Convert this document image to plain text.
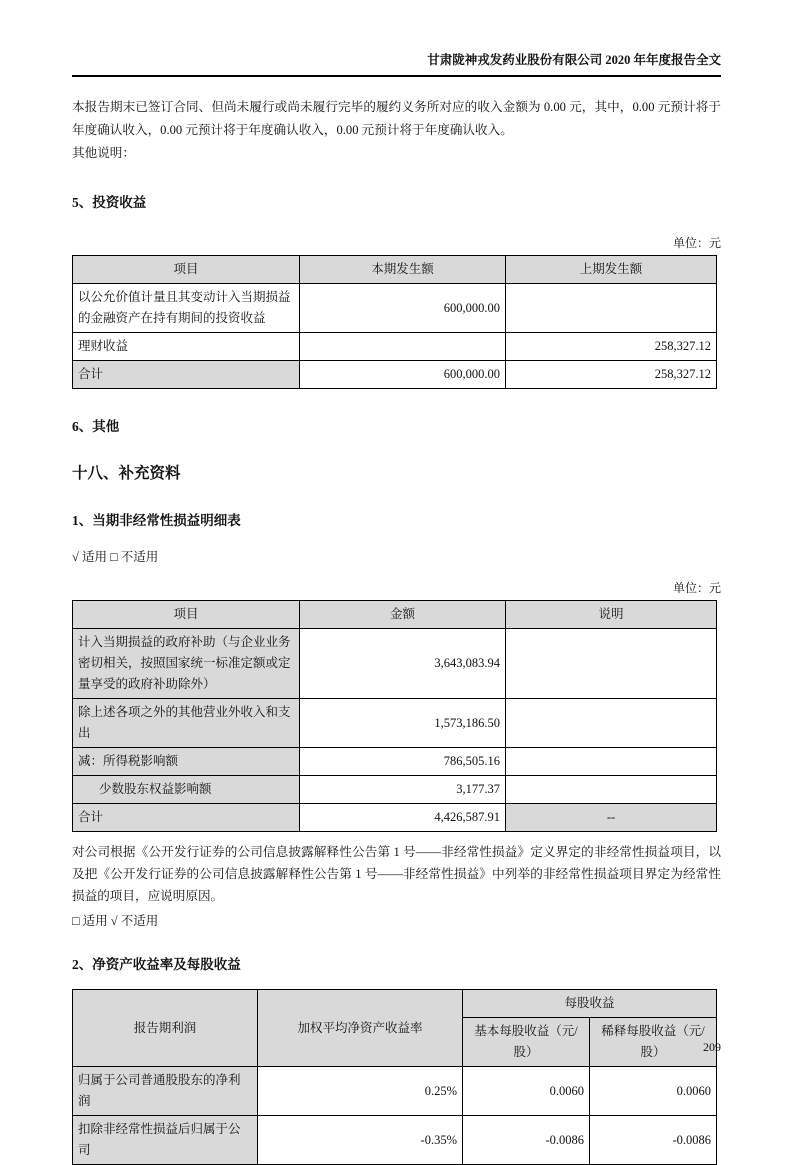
甘肃陇神戎发药业股份有限公司 2020 年年度报告全文
本报告期末已签订合同、但尚未履行或尚未履行完毕的履约义务所对应的收入金额为 0.00 元，其中，0.00 元预计将于年度确认收入，0.00 元预计将于年度确认收入，0.00 元预计将于年度确认收入。
其他说明：
5、投资收益
单位：元
项目	本期发生额	上期发生额
以公允价值计量且其变动计入当期损益的金融资产在持有期间的投资收益	600,000.00	
理财收益		258,327.12
合计	600,000.00	258,327.12
6、其他
十八、补充资料
1、当期非经常性损益明细表
√ 适用 □ 不适用
单位：元
项目	金额	说明
计入当期损益的政府补助（与企业业务密切相关，按照国家统一标准定额或定量享受的政府补助除外）	3,643,083.94	
除上述各项之外的其他营业外收入和支出	1,573,186.50	
减：所得税影响额	786,505.16	
少数股东权益影响额	3,177.37	
合计	4,426,587.91	--
对公司根据《公开发行证券的公司信息披露解释性公告第 1 号——非经常性损益》定义界定的非经常性损益项目，以及把《公开发行证券的公司信息披露解释性公告第 1 号——非经常性损益》中列举的非经常性损益项目界定为经常性损益的项目，应说明原因。
□ 适用 √ 不适用
2、净资产收益率及每股收益
报告期利润	加权平均净资产收益率	每股收益	
		基本每股收益（元/股）	稀释每股收益（元/股）
归属于公司普通股股东的净利润	0.25%	0.0060	0.0060
扣除非经常性损益后归属于公司	-0.35%	-0.0086	-0.0086
209
